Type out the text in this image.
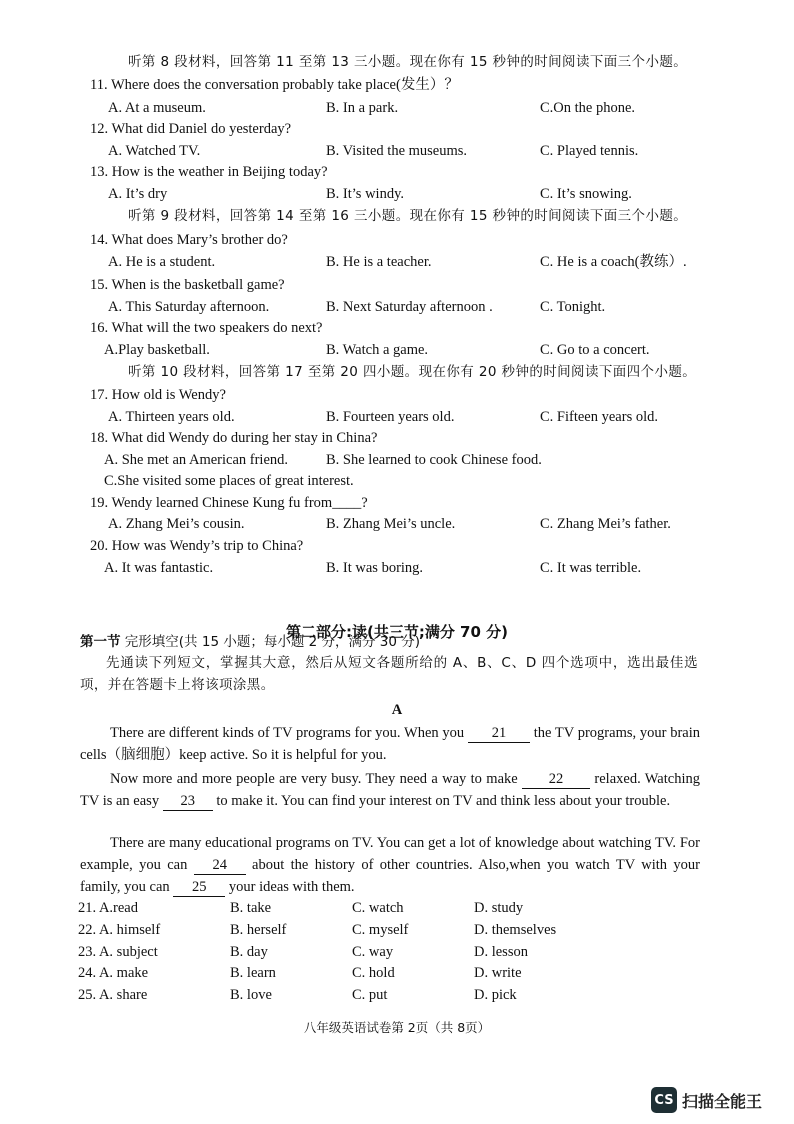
听第 8 段材料，回答第 11 至第 13 三小题。现在你有 15 秒钟的时间阅读下面三个小题。
11. Where does the conversation probably take place(发生）？
A. At a museum.	B. In a park.	C.On the phone.
12. What did Daniel do yesterday?
A. Watched TV.	B. Visited the museums.	C. Played tennis.
13. How is the weather in Beijing today?
A. It’s dry	B. It’s windy.	C. It’s snowing.
听第 9 段材料，回答第 14 至第 16 三小题。现在你有 15 秒钟的时间阅读下面三个小题。
14. What does Mary’s brother do?
A. He is a student.	B. He is a teacher.	C. He is a coach(教练）.
15. When is the basketball game?
A. This Saturday afternoon.	B. Next Saturday afternoon .	C. Tonight.
16. What will the two speakers do next?
A.Play basketball.	B. Watch a game.	C. Go to a concert.
听第 10 段材料，回答第 17 至第 20 四小题。现在你有 20 秒钟的时间阅读下面四个小题。
17. How old is Wendy?
A. Thirteen years old.	B. Fourteen years old.	C. Fifteen years old.
18. What did Wendy do during her stay in China?
A. She met an American friend.	B. She learned to cook Chinese food.
C.She visited some places of great interest.
19. Wendy learned Chinese Kung fu from____?
A. Zhang Mei’s cousin.	B. Zhang Mei’s uncle.	C. Zhang Mei’s father.
20. How was Wendy’s trip to China?
A. It was fantastic.	B. It was boring.	C. It was terrible.
第二部分:读(共三节;满分 70 分)
第一节 完形填空(共 15 小题；每小题 2 分，满分 30 分)
先通读下列短文，掌握其大意，然后从短文各题所给的 A、B、C、D 四个选项中，选出最佳选项，并在答题卡上将该项涂黑。
A
There are different kinds of TV programs for you. When you 21 the TV programs, your brain cells（脑细胞）keep active. So it is helpful for you.
Now more and more people are very busy. They need a way to make 22 relaxed. Watching TV is an easy 23 to make it. You can find your interest on TV and think less about your trouble.
There are many educational programs on TV. You can get a lot of knowledge about watching TV. For example, you can 24 about the history of other countries. Also,when you watch TV with your family, you can 25 your ideas with them.
21. A.read	B. take	C. watch	D. study
22. A. himself	B. herself	C. myself	D. themselves
23. A. subject	B. day	C. way	D. lesson
24. A. make	B. learn	C. hold	D. write
25. A. share	B. love	C. put	D. pick
八年级英语试卷第 2页（共 8页）
CS 扫描全能王
